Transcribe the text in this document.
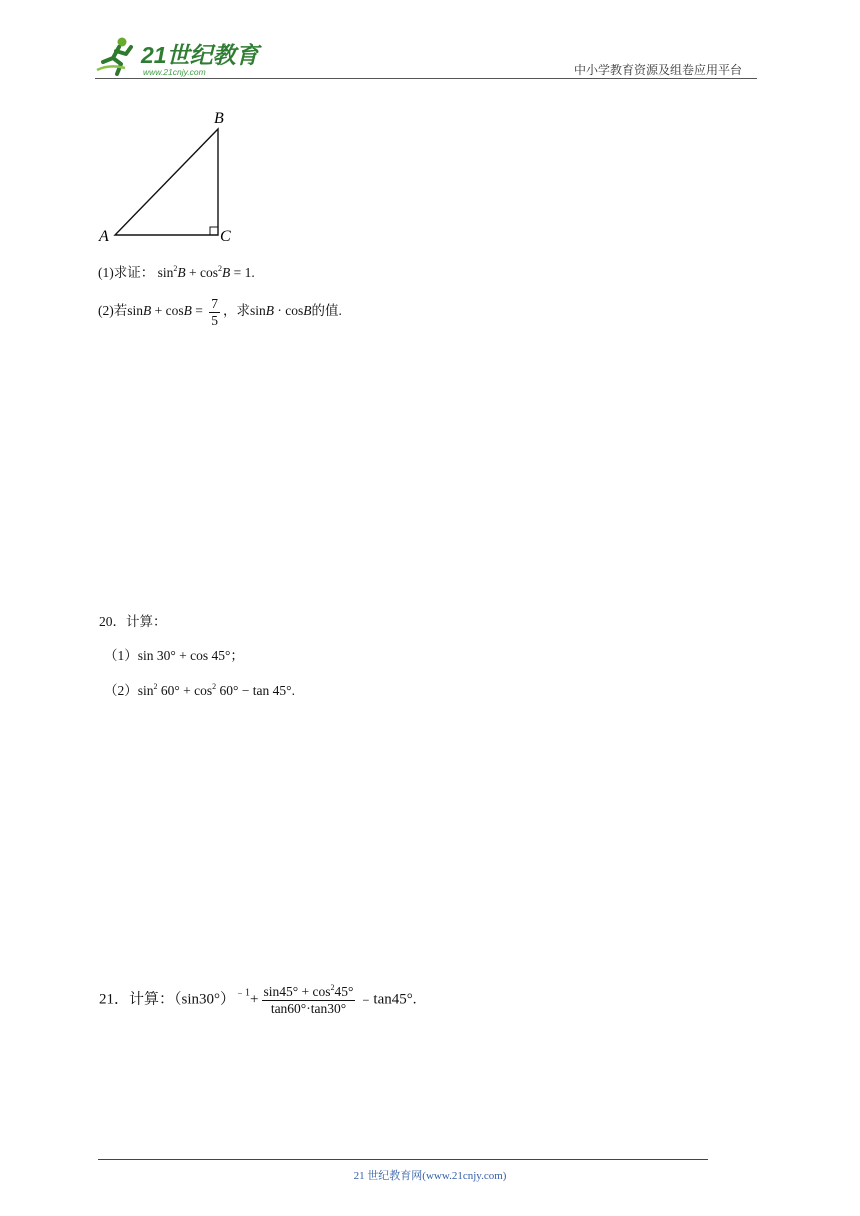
21世纪教育
www.21cnjy.com	中小学教育资源及组卷应用平台
A
B
C
(1)求证： $\sin^2B + \cos^2B = 1$.
(2)若$\sin B + \cos B = \frac{7}{5}$ ，求sinB · cosB的值.
20．计算：
（1）sin 30° + cos 45°；
$(2)\sin^2$ $60^\circ + \cos^2 60^\circ - \tan 45^\circ$.
21．计算：$(\sin 30^\circ)^{﹣1}+ \frac{\sin 45^\circ + \cos^245^\circ}{\tan 60^\circ\cdot\tan 30^\circ}$ ﹣tan45°.
21 世纪教育网(www.21cnjy.com)
